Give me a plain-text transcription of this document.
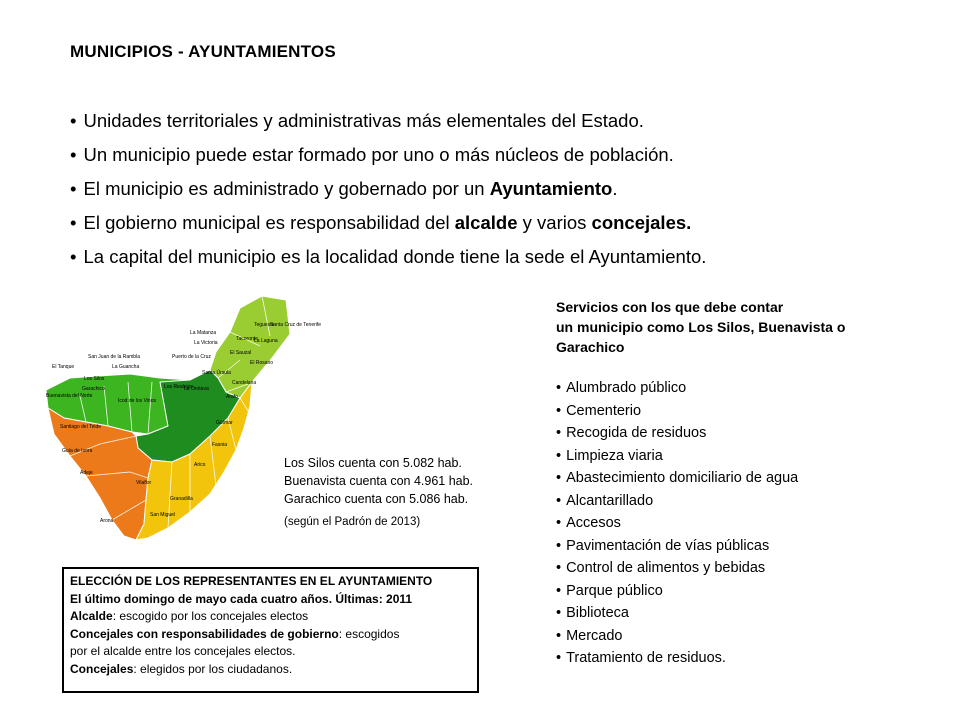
MUNICIPIOS - AYUNTAMIENTOS
• Unidades territoriales y administrativas más elementales del Estado.
• Un municipio puede estar formado por uno o más núcleos de población.
• El municipio es administrado y gobernado por un Ayuntamiento.
• El gobierno municipal es responsabilidad del alcalde y varios concejales.
• La capital del municipio es la localidad donde tiene la sede el Ayuntamiento.
El Tanque
Los Silos
Buenavista del Norte
San Juan de la Rambla
La Guancha
Icod de los Vinos
Garachico
Santiago del Teide
Guía de Isora
Adeje
Arona
Vilaflor
San Miguel
Granadilla
Arico
Fasnia
Güímar
Arafo
Candelaria
El Rosario
La Laguna
Tegueste
Santa Cruz de Tenerife
Tacoronte
El Sauzal
La Matanza
La Victoria
Santa Úrsula
Puerto de la Cruz
Los Realejos
La Orotava
Los Silos cuenta con 5.082 hab.
Buenavista cuenta con 4.961 hab.
Garachico cuenta con 5.086 hab.
(según el Padrón de 2013)
Servicios con los que debe contar
un municipio como Los Silos, Buenavista o
Garachico
• Alumbrado público
• Cementerio
• Recogida de residuos
• Limpieza viaria
• Abastecimiento domiciliario de agua
• Alcantarillado
• Accesos
• Pavimentación de vías públicas
• Control de alimentos y bebidas
• Parque público
• Biblioteca
• Mercado
• Tratamiento de residuos.
ELECCIÓN DE LOS REPRESENTANTES EN EL AYUNTAMIENTO
El último domingo de mayo cada cuatro años. Últimas: 2011
Alcalde: escogido por los concejales electos
Concejales con responsabilidades de gobierno: escogidos
por el alcalde entre los concejales electos.
Concejales: elegidos por los ciudadanos.
